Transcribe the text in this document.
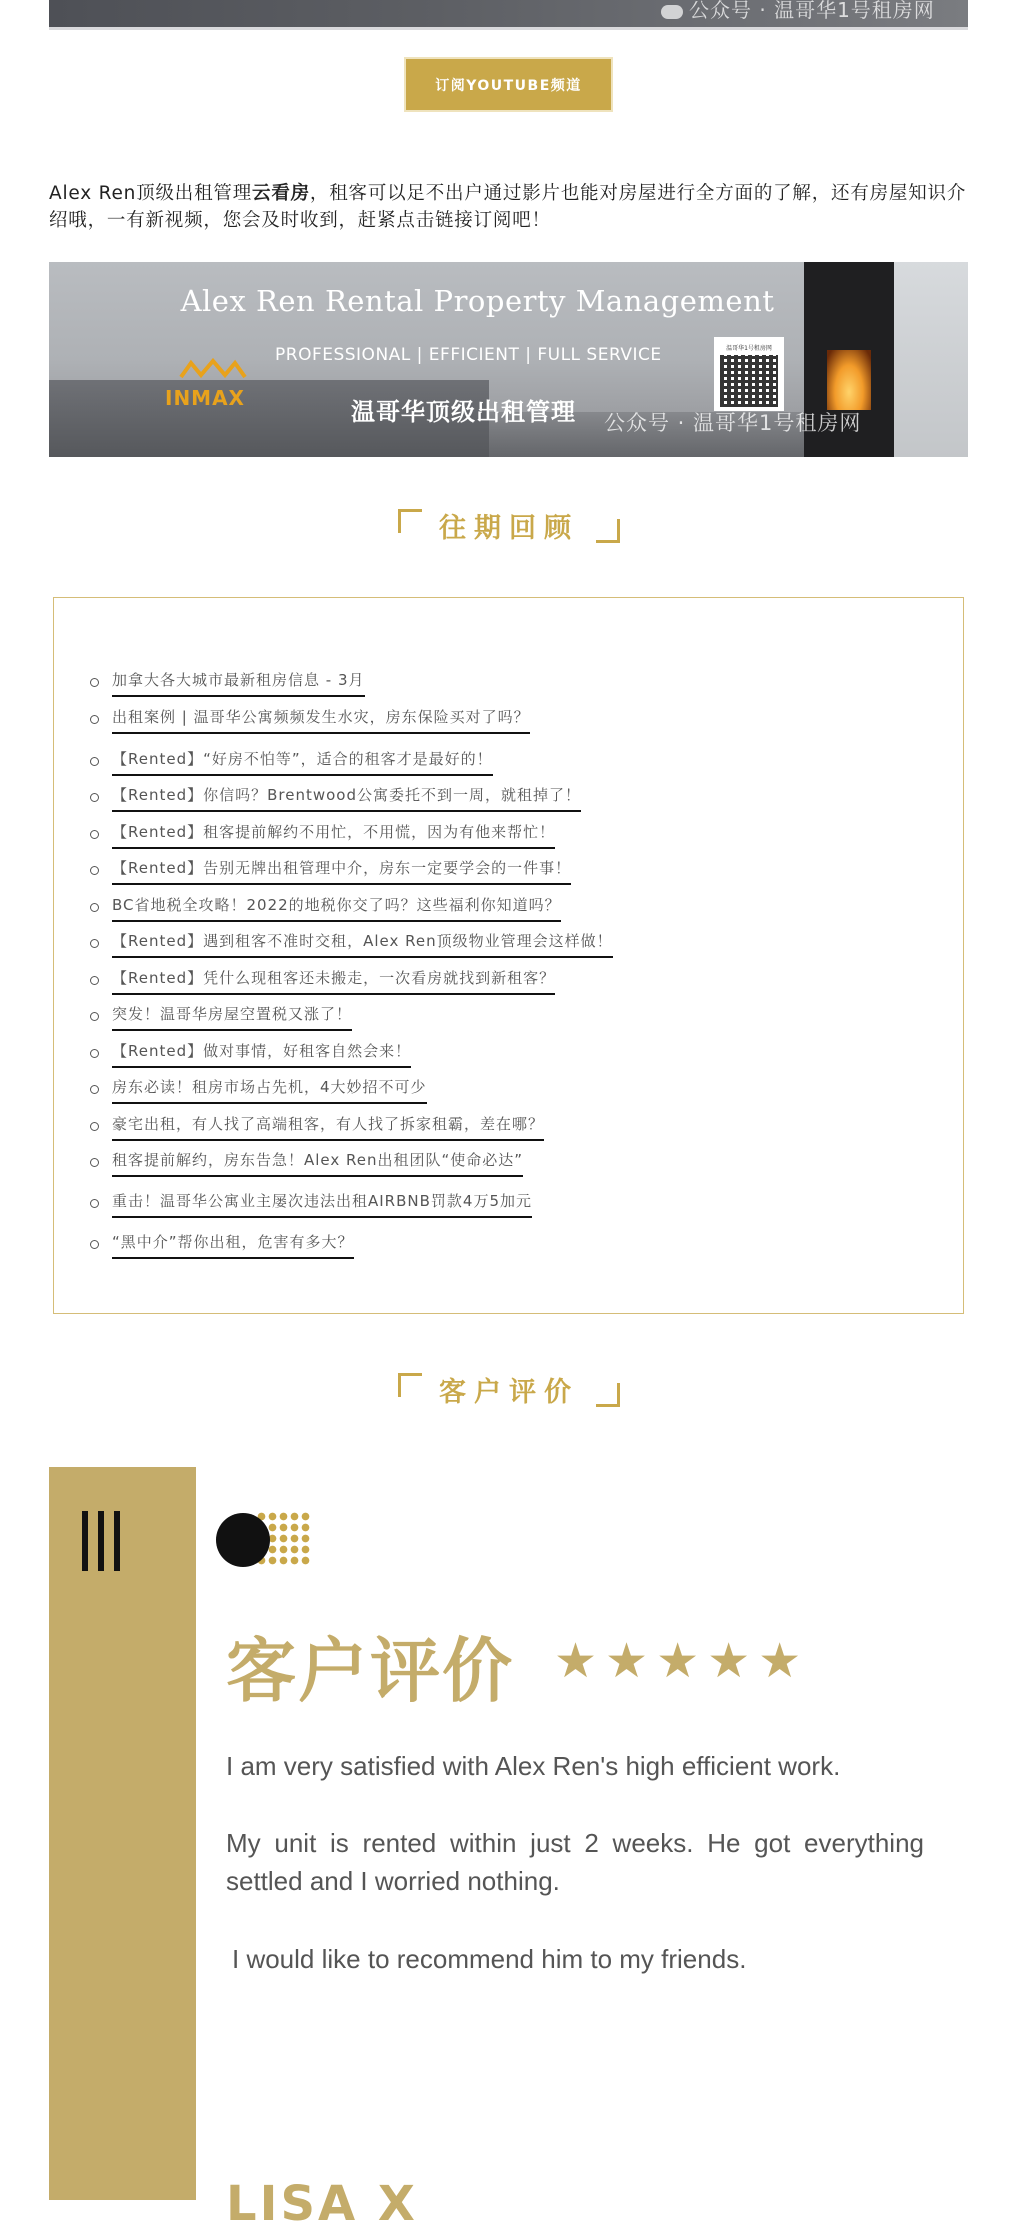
公众号 · 温哥华1号租房网
订阅YOUTUBE频道

Alex Ren顶级出租管理云看房，租客可以足不出户通过影片也能对房屋进行全方面的了解，还有房屋知识介绍哦，一有新视频，您会及时收到，赶紧点击链接订阅吧！

Alex Ren Rental Property Management
PROFESSIONAL | EFFICIENT | FULL SERVICE
INMAX	温哥华顶级出租管理
温哥华1号租房网
公众号 · 温哥华1号租房网
往期回顾
加拿大各大城市最新租房信息 - 3月
出租案例 | 温哥华公寓频频发生水灾，房东保险买对了吗？
【Rented】“好房不怕等”，适合的租客才是最好的！
【Rented】你信吗？Brentwood公寓委托不到一周，就租掉了！
【Rented】租客提前解约不用忙，不用慌，因为有他来帮忙！
【Rented】告别无牌出租管理中介，房东一定要学会的一件事！
BC省地税全攻略！2022的地税你交了吗？这些福利你知道吗？
【Rented】遇到租客不准时交租，Alex Ren顶级物业管理会这样做！
【Rented】凭什么现租客还未搬走，一次看房就找到新租客？
突发！温哥华房屋空置税又涨了！
【Rented】做对事情，好租客自然会来！
房东必读！租房市场占先机，4大妙招不可少
豪宅出租，有人找了高端租客，有人找了拆家租霸，差在哪？
租客提前解约，房东告急！Alex Ren出租团队“使命必达”
重击！温哥华公寓业主屡次违法出租AIRBNB罚款4万5加元
“黑中介”帮你出租，危害有多大？
客户评价
客户评价 ★ ★ ★ ★ ★

I am very satisfied with Alex Ren's high efficient work.

My unit is rented within just 2 weeks. He got everything settled and I worried nothing.

I would like to recommend him to my friends.

LISA X
